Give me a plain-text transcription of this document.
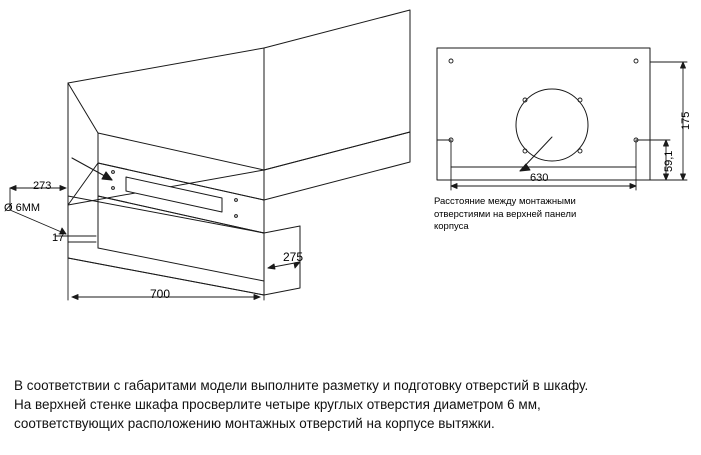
273
Ø 6ММ
17
700
275
175
59,1
630
Расстояние между монтажными отверстиями на верхней панели корпуса
В соответствии с габаритами модели выполните разметку и подготовку отверстий в шкафу.
На верхней стенке шкафа просверлите четыре круглых отверстия диаметром 6 мм,
соответствующих расположению монтажных отверстий на корпусе вытяжки.
